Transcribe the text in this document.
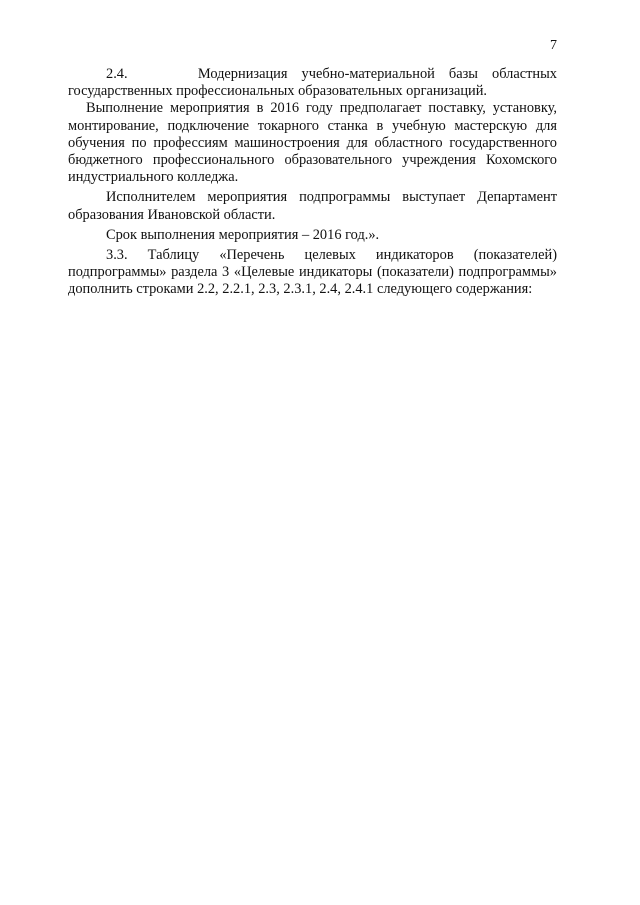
7

2.4.     Модернизация учебно-материальной базы областных государственных профессиональных образовательных организаций.

Выполнение мероприятия в 2016 году предполагает поставку, установку, монтирование, подключение токарного станка в учебную мастерскую для обучения по профессиям машиностроения для областного государственного бюджетного профессионального образовательного учреждения Кохомского индустриального колледжа.

Исполнителем мероприятия подпрограммы выступает Департамент образования Ивановской области.

Срок выполнения мероприятия – 2016 год.».

3.3. Таблицу «Перечень целевых индикаторов (показателей) подпрограммы» раздела 3 «Целевые индикаторы (показатели) подпрограммы» дополнить строками 2.2, 2.2.1, 2.3, 2.3.1, 2.4, 2.4.1 следующего содержания:
